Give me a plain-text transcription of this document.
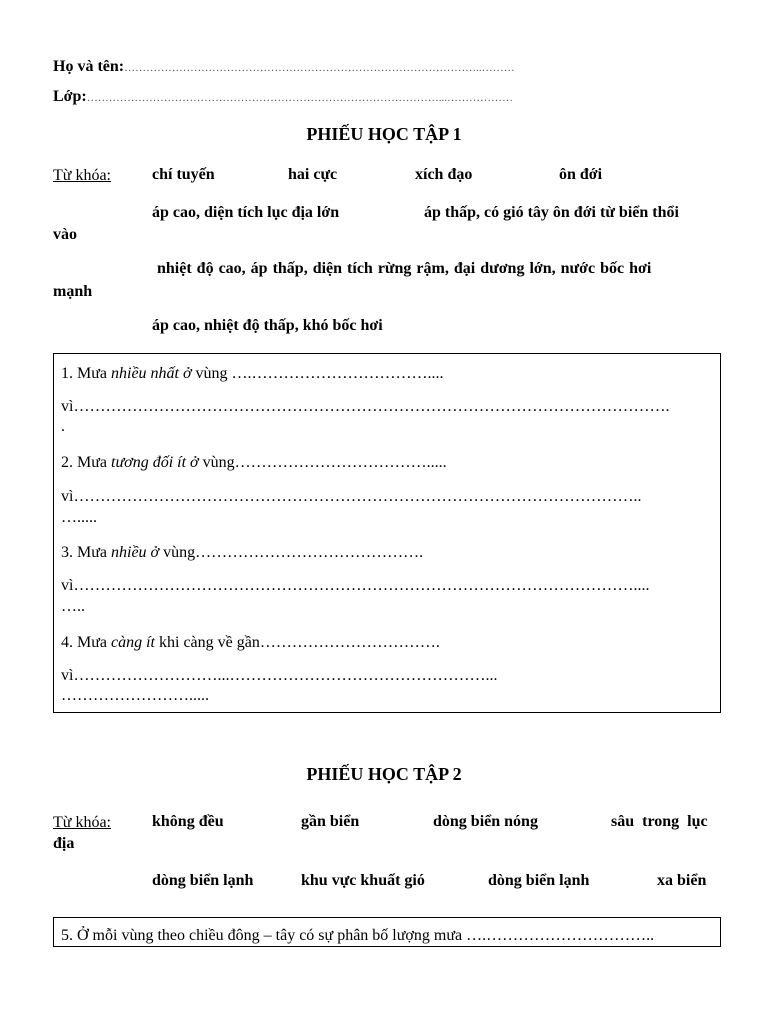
Họ và tên:……………………………………………………………………………………..………
Lớp:……………………………………………………………………………………...………………
PHIẾU HỌC TẬP 1
Từ khóa:	chí tuyến	hai cực	xích đạo	ôn đới
áp cao, diện tích lục địa lớn	áp thấp, có gió tây ôn đới từ biển thổi
vào
nhiệt độ cao, áp thấp, diện tích rừng rậm, đại dương lớn, nước bốc hơi
mạnh
áp cao, nhiệt độ thấp, khó bốc hơi
1. Mưa nhiều nhất ở vùng ….……………………………....
vì………………………………………………………………………………………………….
.
2. Mưa tương đối ít ở vùng……………………………….....
vì……………………………………………………………………………………………..
….....
3. Mưa nhiều ở vùng…………………………………….
vì……………………………………………………………………………………………....
…..
4. Mưa càng ít khi càng về gần…………………………….
vì………………………...…………………………………………...
…………………….....
PHIẾU HỌC TẬP 2
Từ khóa:	không đều	gần biển	dòng biển nóng	sâu  trong  lục
địa
dòng biển lạnh	khu vực khuất gió	dòng biển lạnh	xa biển
5. Ở mỗi vùng theo chiều đông – tây có sự phân bố lượng mưa ….…………………………..
